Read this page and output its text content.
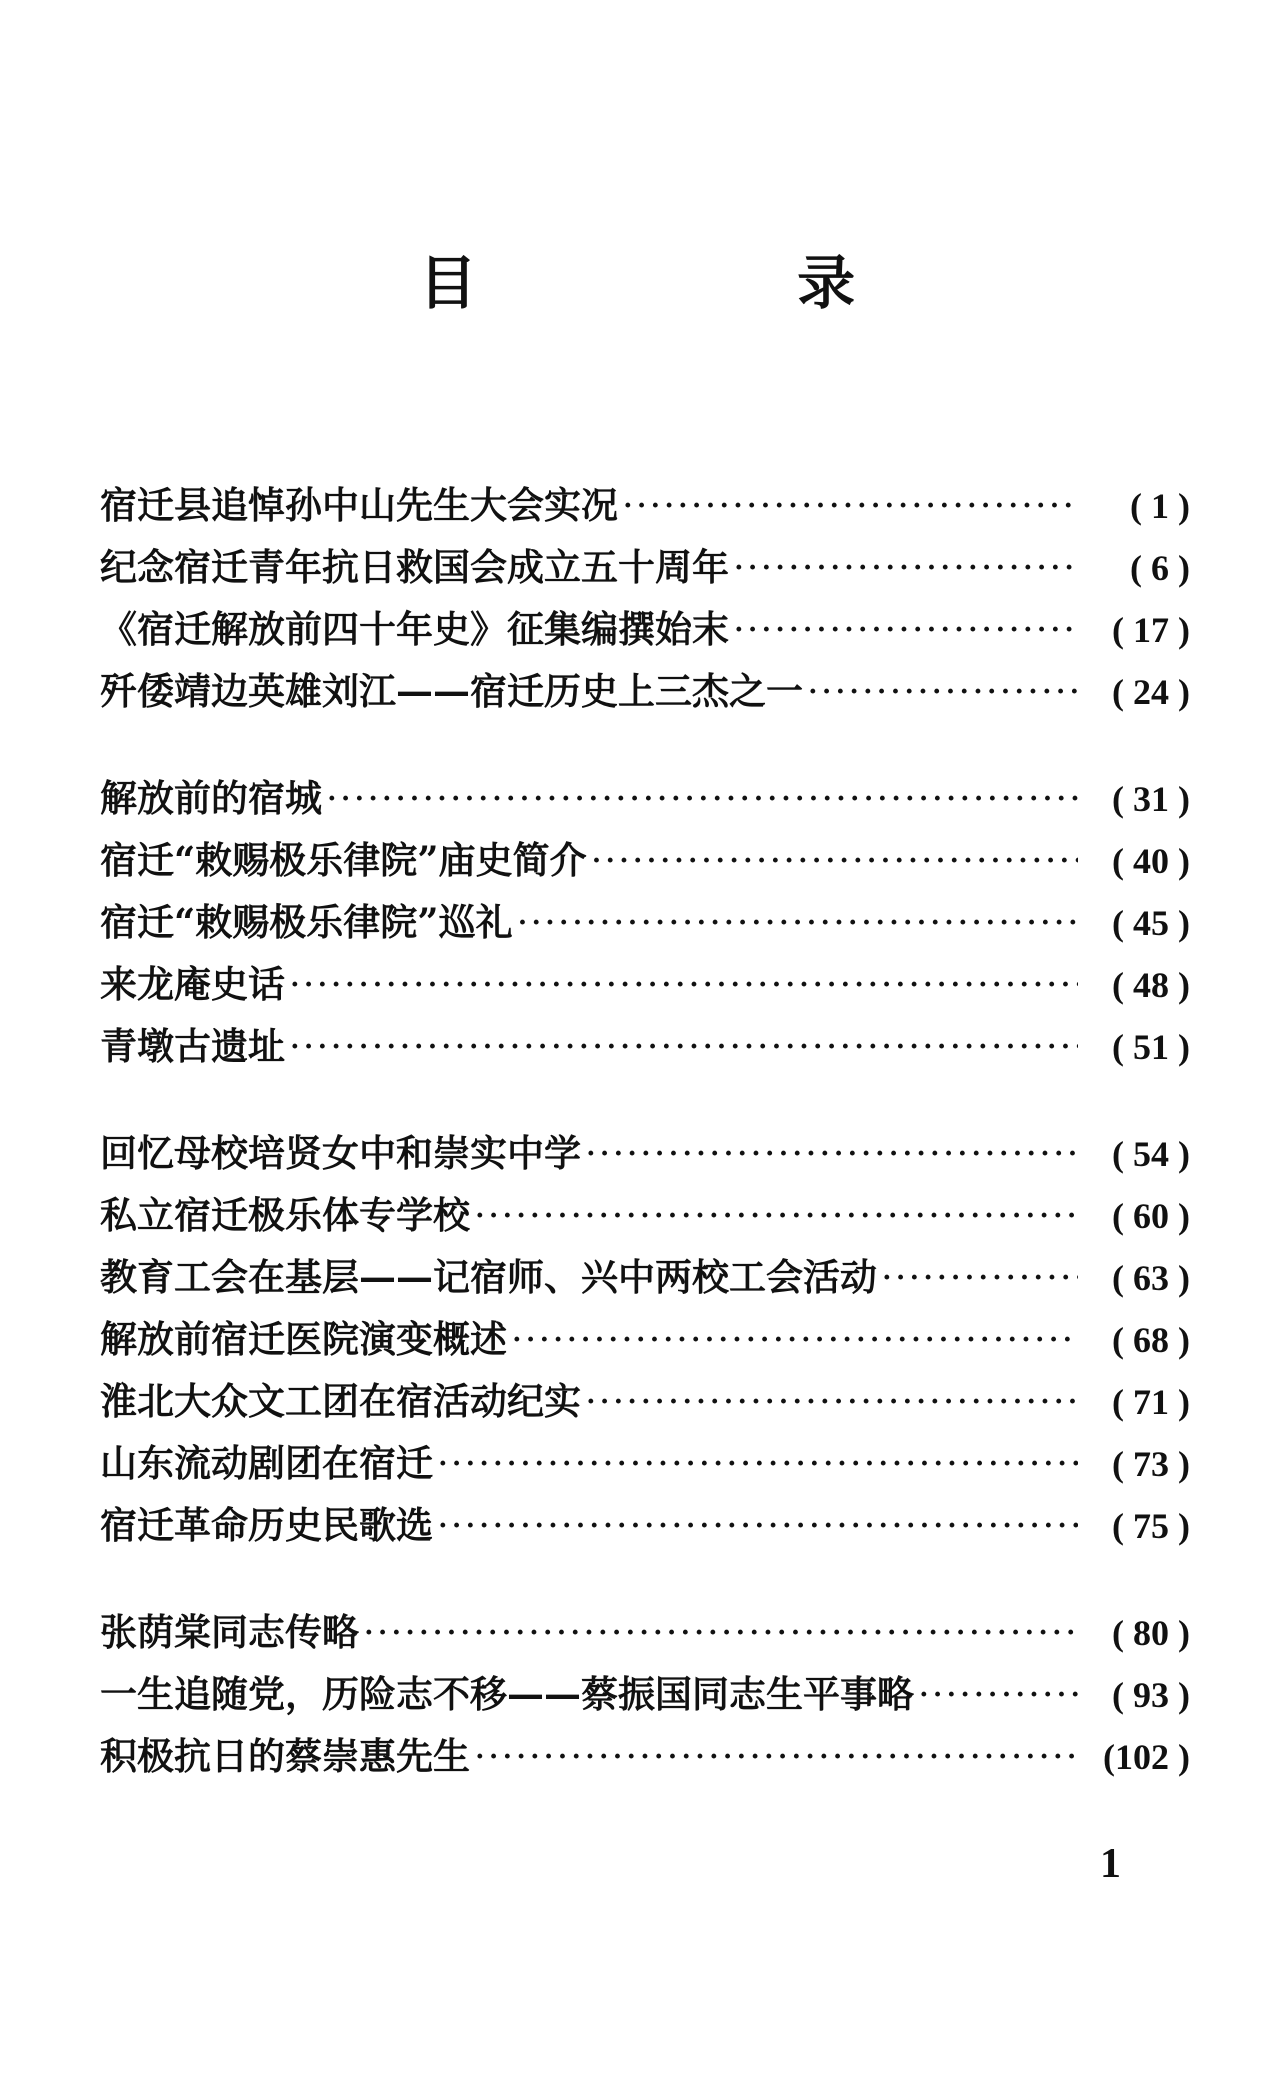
目 录
宿迁县追悼孙中山先生大会实况 ·····	( 1 )
纪念宿迁青年抗日救国会成立五十周年 ·····	( 6 )
《宿迁解放前四十年史》征集编撰始末 ·····	( 17 )
歼倭靖边英雄刘江——宿迁历史上三杰之一 ·····	( 24 )
解放前的宿城 ·····	( 31 )
宿迁“敕赐极乐律院”庙史简介 ·····	( 40 )
宿迁“敕赐极乐律院”巡礼 ·····	( 45 )
来龙庵史话 ·····	( 48 )
青墩古遗址 ·····	( 51 )
回忆母校培贤女中和崇实中学 ·····	( 54 )
私立宿迁极乐体专学校 ·····	( 60 )
教育工会在基层——记宿师、兴中两校工会活动 ·····	( 63 )
解放前宿迁医院演变概述 ·····	( 68 )
淮北大众文工团在宿活动纪实 ·····	( 71 )
山东流动剧团在宿迁 ·····	( 73 )
宿迁革命历史民歌选 ·····	( 75 )
张荫棠同志传略 ·····	( 80 )
一生追随党，历险志不移——蔡振国同志生平事略 ·····	( 93 )
积极抗日的蔡崇惠先生 ·····	(102 )
1
